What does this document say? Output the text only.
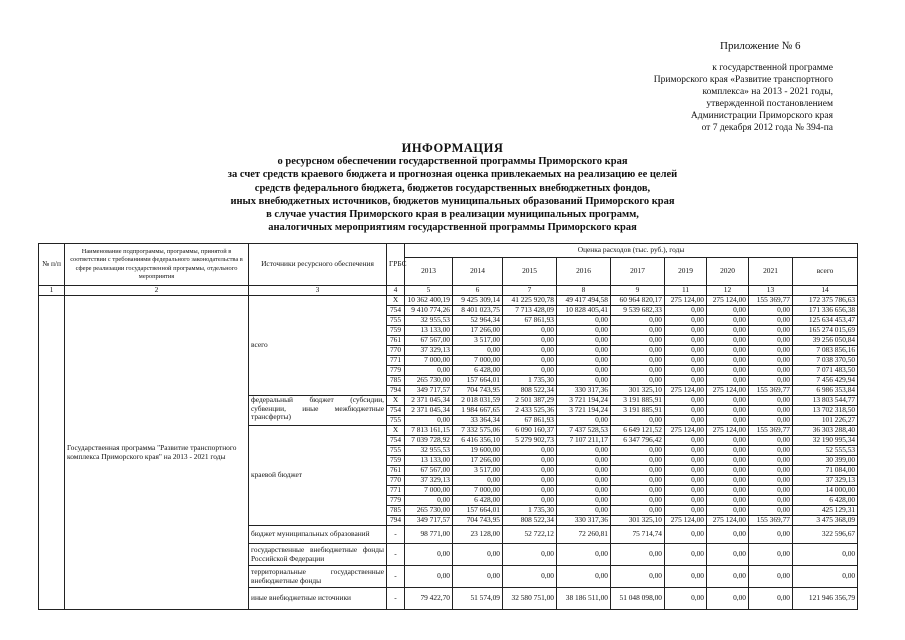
Приложение № 6
к государственной программе
Приморского края «Развитие транспортного
комплекса» на 2013 - 2021 годы,
утвержденной постановлением
Администрации Приморского края
от 7 декабря 2012 года № 394-па
ИНФОРМАЦИЯ
о ресурсном обеспечении государственной программы Приморского края
за счет средств краевого бюджета и прогнозная оценка привлекаемых на реализацию ее целей
средств федерального бюджета, бюджетов государственных внебюджетных фондов,
иных внебюджетных источников, бюджетов муниципальных образований Приморского края
в случае участия Приморского края в реализации муниципальных программ,
аналогичных мероприятиям государственной программы Приморского края
№ п/п	Наименование подпрограммы, программы, принятой в соответствии с требованиями федерального законодательства в сфере реализации государственной программы, отдельного мероприятия	Источники ресурсного обеспечения	ГРБС	Оценка расходов (тыс. руб.), годы								
				2013	2014	2015	2016	2017	2019	2020	2021	всего
1	2	3	4	5	6	7	8	9	11	12	13	14
	Государственная программа "Развитие транспортного комплекса Приморского края" на 2013 - 2021 годы	всего	Х	10 362 400,19	9 425 309,14	41 225 920,78	49 417 494,58	60 964 820,17	275 124,00	275 124,00	155 369,77	172 375 786,63
			754	9 410 774,26	8 401 023,75	7 713 428,09	10 828 405,41	9 539 682,33	0,00	0,00	0,00	171 336 656,38
			755	32 955,53	52 964,34	67 861,93	0,00	0,00	0,00	0,00	0,00	125 634 453,47
			759	13 133,00	17 266,00	0,00	0,00	0,00	0,00	0,00	0,00	165 274 015,69
			761	67 567,00	3 517,00	0,00	0,00	0,00	0,00	0,00	0,00	39 256 050,84
			770	37 329,13	0,00	0,00	0,00	0,00	0,00	0,00	0,00	7 083 856,16
			771	7 000,00	7 000,00	0,00	0,00	0,00	0,00	0,00	0,00	7 038 370,50
			779	0,00	6 428,00	0,00	0,00	0,00	0,00	0,00	0,00	7 071 483,50
			785	265 730,00	157 664,01	1 735,30	0,00	0,00	0,00	0,00	0,00	7 456 429,94
			794	349 717,57	704 743,95	808 522,34	330 317,36	301 325,10	275 124,00	275 124,00	155 369,77	6 986 353,84
		федеральный бюджет (субсидии, субвенции, иные межбюджетные трансферты)	Х	2 371 045,34	2 018 031,59	2 501 387,29	3 721 194,24	3 191 885,91	0,00	0,00	0,00	13 803 544,77
			754	2 371 045,34	1 984 667,65	2 433 525,36	3 721 194,24	3 191 885,91	0,00	0,00	0,00	13 702 318,50
			755	0,00	33 364,34	67 861,93	0,00	0,00	0,00	0,00	0,00	101 226,27
		краевой бюджет	Х	7 813 161,15	7 332 575,06	6 090 160,37	7 437 528,53	6 649 121,52	275 124,00	275 124,00	155 369,77	36 303 288,40
			754	7 039 728,92	6 416 356,10	5 279 902,73	7 107 211,17	6 347 796,42	0,00	0,00	0,00	32 190 995,34
			755	32 955,53	19 600,00	0,00	0,00	0,00	0,00	0,00	0,00	52 555,53
			759	13 133,00	17 266,00	0,00	0,00	0,00	0,00	0,00	0,00	30 399,00
			761	67 567,00	3 517,00	0,00	0,00	0,00	0,00	0,00	0,00	71 084,00
			770	37 329,13	0,00	0,00	0,00	0,00	0,00	0,00	0,00	37 329,13
			771	7 000,00	7 000,00	0,00	0,00	0,00	0,00	0,00	0,00	14 000,00
			779	0,00	6 428,00	0,00	0,00	0,00	0,00	0,00	0,00	6 428,00
			785	265 730,00	157 664,01	1 735,30	0,00	0,00	0,00	0,00	0,00	425 129,31
			794	349 717,57	704 743,95	808 522,34	330 317,36	301 325,10	275 124,00	275 124,00	155 369,77	3 475 368,09
		бюджет муниципальных образований	-	98 771,00	23 128,00	52 722,12	72 260,81	75 714,74	0,00	0,00	0,00	322 596,67
		государственные внебюджетные фонды Российской Федерации	-	0,00	0,00	0,00	0,00	0,00	0,00	0,00	0,00	0,00
		территориальные государственные внебюджетные фонды	-	0,00	0,00	0,00	0,00	0,00	0,00	0,00	0,00	0,00
		иные внебюджетные источники	-	79 422,70	51 574,09	32 580 751,00	38 186 511,00	51 048 098,00	0,00	0,00	0,00	121 946 356,79
